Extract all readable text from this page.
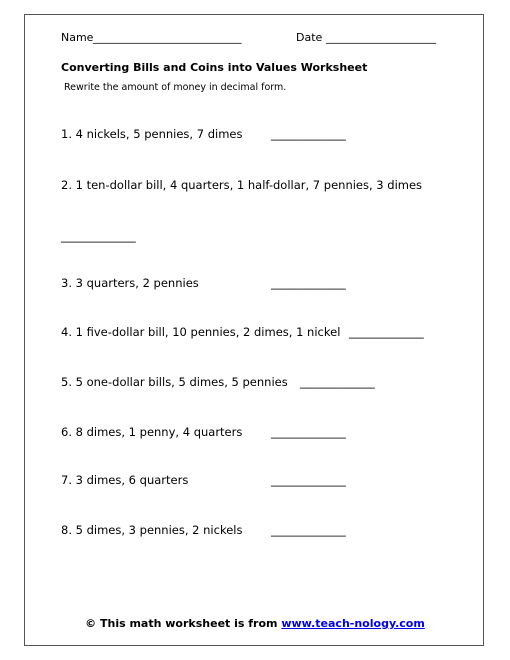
Name ___________________________	Date ____________________
Converting Bills and Coins into Values Worksheet
Rewrite the amount of money in decimal form.
1. 4 nickels, 5 pennies, 7 dimes _____________
2. 1 ten-dollar bill, 4 quarters, 1 half-dollar, 7 pennies, 3 dimes
_____________
3. 3 quarters, 2 pennies	_____________
4. 1 five-dollar bill, 10 pennies, 2 dimes, 1 nickel _____________
5. 5 one-dollar bills, 5 dimes, 5 pennies _____________
6. 8 dimes, 1 penny, 4 quarters _____________
7. 3 dimes, 6 quarters	_____________
8. 5 dimes, 3 pennies, 2 nickels _____________
© This math worksheet is from www.teach-nology.com
